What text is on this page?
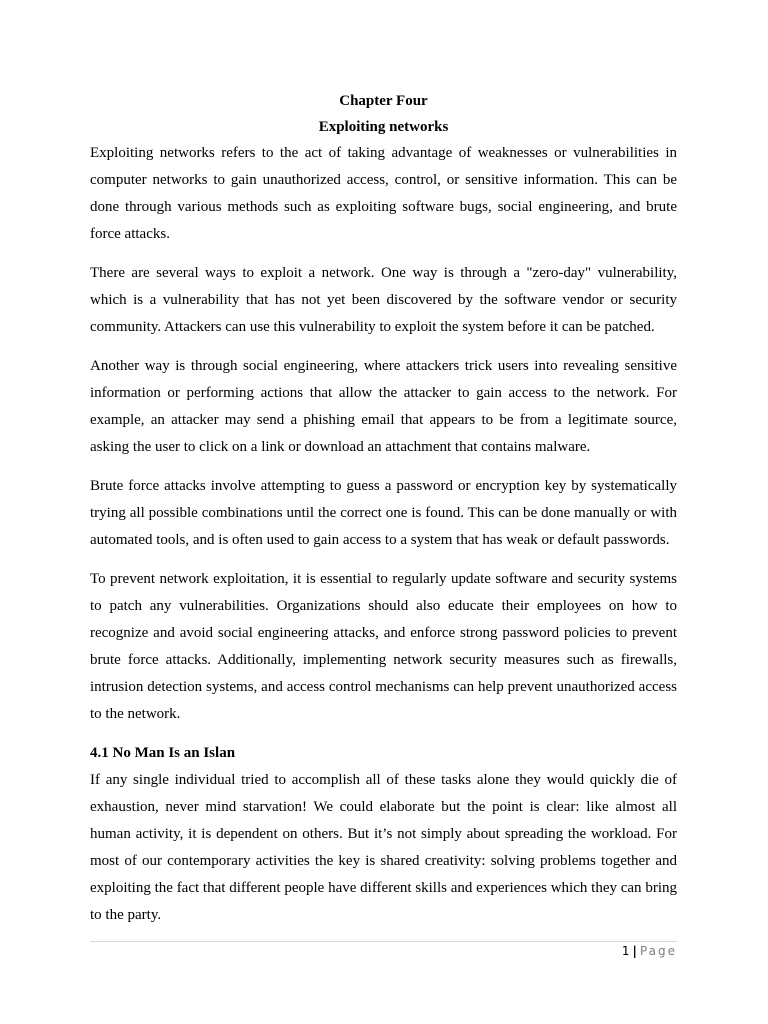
Chapter Four

Exploiting networks

Exploiting networks refers to the act of taking advantage of weaknesses or vulnerabilities in computer networks to gain unauthorized access, control, or sensitive information. This can be done through various methods such as exploiting software bugs, social engineering, and brute force attacks.

There are several ways to exploit a network. One way is through a "zero-day" vulnerability, which is a vulnerability that has not yet been discovered by the software vendor or security community. Attackers can use this vulnerability to exploit the system before it can be patched.

Another way is through social engineering, where attackers trick users into revealing sensitive information or performing actions that allow the attacker to gain access to the network. For example, an attacker may send a phishing email that appears to be from a legitimate source, asking the user to click on a link or download an attachment that contains malware.

Brute force attacks involve attempting to guess a password or encryption key by systematically trying all possible combinations until the correct one is found. This can be done manually or with automated tools, and is often used to gain access to a system that has weak or default passwords.

To prevent network exploitation, it is essential to regularly update software and security systems to patch any vulnerabilities. Organizations should also educate their employees on how to recognize and avoid social engineering attacks, and enforce strong password policies to prevent brute force attacks. Additionally, implementing network security measures such as firewalls, intrusion detection systems, and access control mechanisms can help prevent unauthorized access to the network.

4.1 No Man Is an Islan

If any single individual tried to accomplish all of these tasks alone they would quickly die of exhaustion, never mind starvation! We could elaborate but the point is clear: like almost all human activity, it is dependent on others. But it’s not simply about spreading the workload. For most of our contemporary activities the key is shared creativity: solving problems together and exploiting the fact that different people have different skills and experiences which they can bring to the party.

1 | Page
